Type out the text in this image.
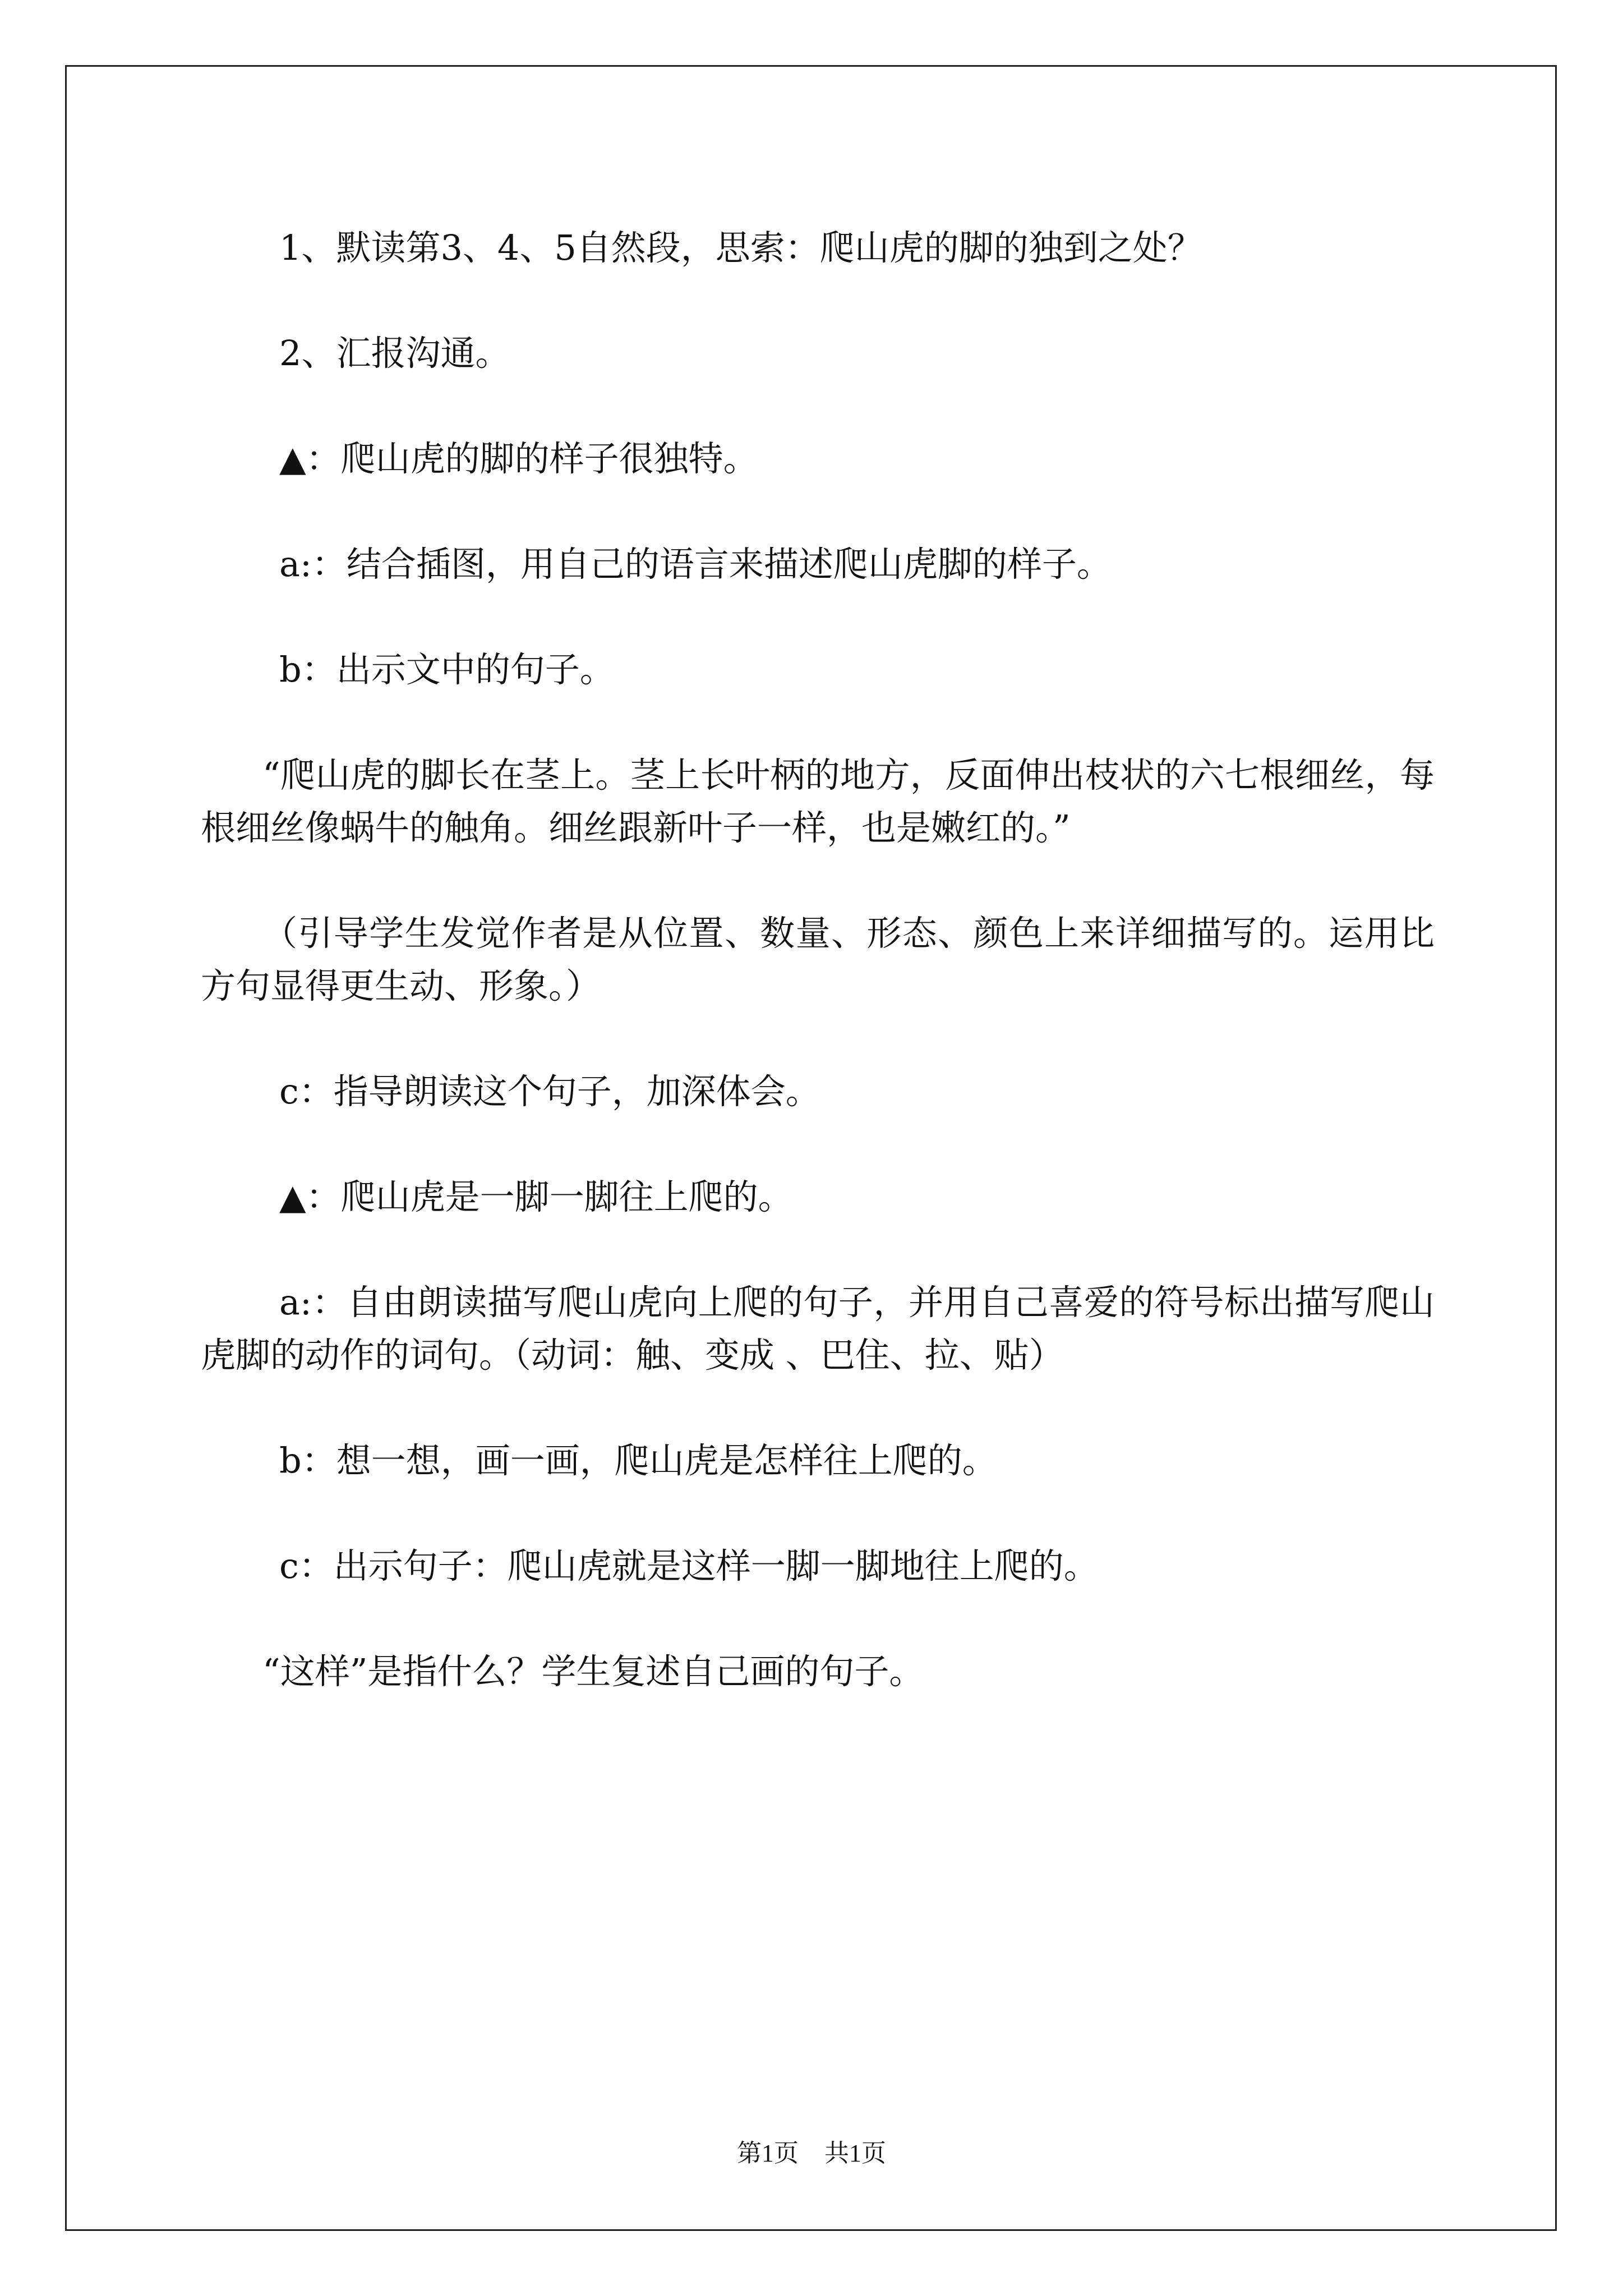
1、默读第3、4、5自然段，思索：爬山虎的脚的独到之处？

2、汇报沟通。

▲：爬山虎的脚的样子很独特。

a:：结合插图，用自己的语言来描述爬山虎脚的样子。

b：出示文中的句子。

“爬山虎的脚长在茎上。茎上长叶柄的地方，反面伸出枝状的六七根细丝，每根细丝像蜗牛的触角。细丝跟新叶子一样，也是嫩红的。”

（引导学生发觉作者是从位置、数量、形态、颜色上来详细描写的。运用比方句显得更生动、形象。）

c：指导朗读这个句子，加深体会。

▲：爬山虎是一脚一脚往上爬的。

a:：自由朗读描写爬山虎向上爬的句子，并用自己喜爱的符号标出描写爬山虎脚的动作的词句。（动词：触、变成 、巴住、拉、贴）

b：想一想，画一画，爬山虎是怎样往上爬的。

c：出示句子：爬山虎就是这样一脚一脚地往上爬的。

“这样”是指什么？学生复述自己画的句子。

第1页 共1页
